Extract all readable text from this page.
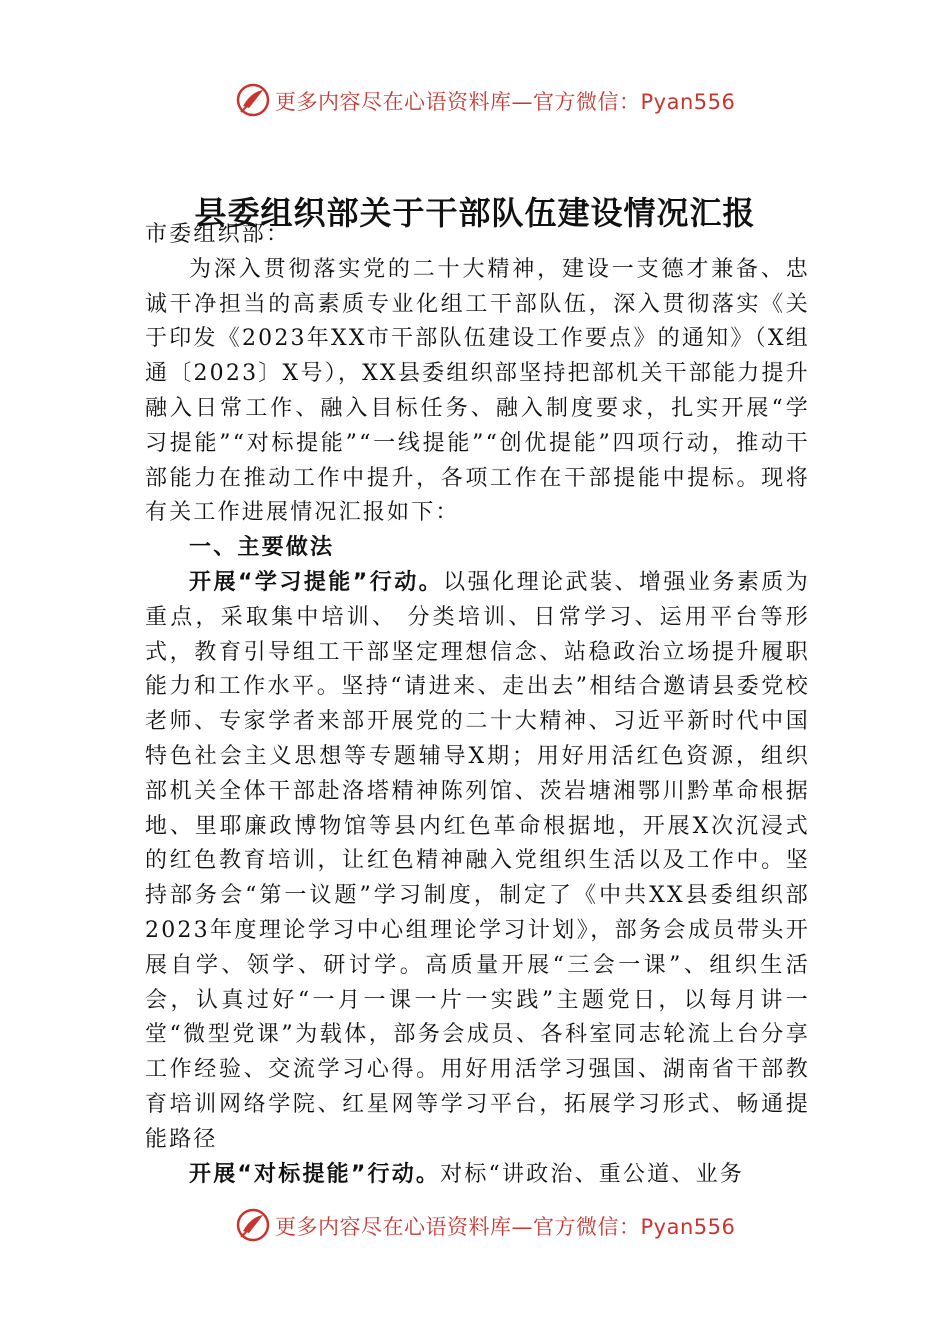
更多内容尽在心语资料库—官方微信：Pyan556
县委组织部关于干部队伍建设情况汇报

市委组织部：

为深入贯彻落实党的二十大精神，建设一支德才兼备、忠诚干净担当的高素质专业化组工干部队伍，深入贯彻落实《关于印发《2023年XX市干部队伍建设工作要点》的通知》（X组通〔2023〕X号），XX县委组织部坚持把部机关干部能力提升融入日常工作、融入目标任务、融入制度要求，扎实开展“学习提能”“对标提能”“一线提能”“创优提能”四项行动，推动干部能力在推动工作中提升，各项工作在干部提能中提标。现将有关工作进展情况汇报如下：

一、主要做法

开展“学习提能”行动。以强化理论武装、增强业务素质为重点，采取集中培训、 分类培训、日常学习、运用平台等形式，教育引导组工干部坚定理想信念、站稳政治立场提升履职能力和工作水平。坚持“请进来、走出去”相结合邀请县委党校老师、专家学者来部开展党的二十大精神、习近平新时代中国特色社会主义思想等专题辅导X期；用好用活红色资源，组织部机关全体干部赴洛塔精神陈列馆、茨岩塘湘鄂川黔革命根据地、里耶廉政博物馆等县内红色革命根据地，开展X次沉浸式的红色教育培训，让红色精神融入党组织生活以及工作中。坚持部务会“第一议题”学习制度，制定了《中共XX县委组织部2023年度理论学习中心组理论学习计划》，部务会成员带头开展自学、领学、研讨学。高质量开展“三会一课”、组织生活会，认真过好“一月一课一片一实践”主题党日，以每月讲一堂“微型党课”为载体，部务会成员、各科室同志轮流上台分享工作经验、交流学习心得。用好用活学习强国、湖南省干部教育培训网络学院、红星网等学习平台，拓展学习形式、畅通提能路径

开展“对标提能”行动。对标“讲政治、重公道、业务

更多内容尽在心语资料库—官方微信：Pyan556
